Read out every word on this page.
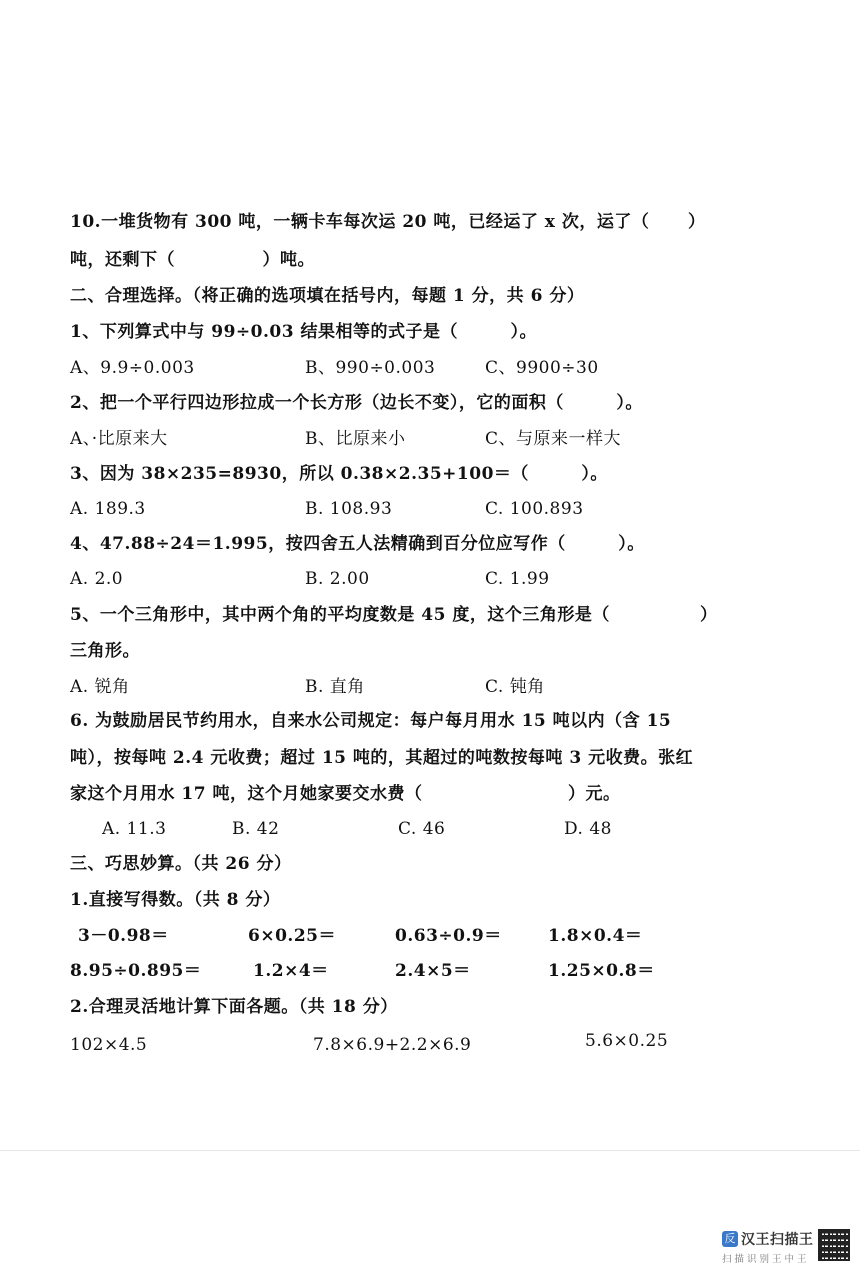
10.一堆货物有 300 吨，一辆卡车每次运 20 吨，已经运了 x 次，运了（ ）
吨，还剩下（　　　　　）吨。
二、合理选择。（将正确的选项填在括号内，每题 1 分，共 6 分）
1、下列算式中与 99÷0.03 结果相等的式子是（　　　）。
A、9.9÷0.003	B、990÷0.003	C、9900÷30
2、把一个平行四边形拉成一个长方形（边长不变），它的面积（　　　）。
A、·比原来大	B、比原来小	C、与原来一样大
3、因为 38×235=8930，所以 0.38×2.35+100＝（　　　）。
A. 189.3	B. 108.93	C. 100.893
4、47.88÷24＝1.995，按四舍五人法精确到百分位应写作（　　　）。
A. 2.0	B. 2.00	C. 1.99
5、一个三角形中，其中两个角的平均度数是 45 度，这个三角形是（	）
三角形。
A. 锐角	B. 直角	C. 钝角
6. 为鼓励居民节约用水，自来水公司规定：每户每月用水 15 吨以内（含 15
吨），按每吨 2.4 元收费；超过 15 吨的，其超过的吨数按每吨 3 元收费。张红
家这个月用水 17 吨，这个月她家要交水费（	）元。
A. 11.3	B. 42	C. 46	D. 48
三、巧思妙算。（共 26 分）
1.直接写得数。（共 8 分）
3－0.98＝	6×0.25＝	0.63÷0.9＝	1.8×0.4＝
8.95÷0.895＝	1.2×4＝	2.4×5＝	1.25×0.8＝
2.合理灵活地计算下面各题。（共 18 分）
102×4.5	7.8×6.9+2.2×6.9	5.6×0.25
反 汉王扫描王
扫描识别王中王
